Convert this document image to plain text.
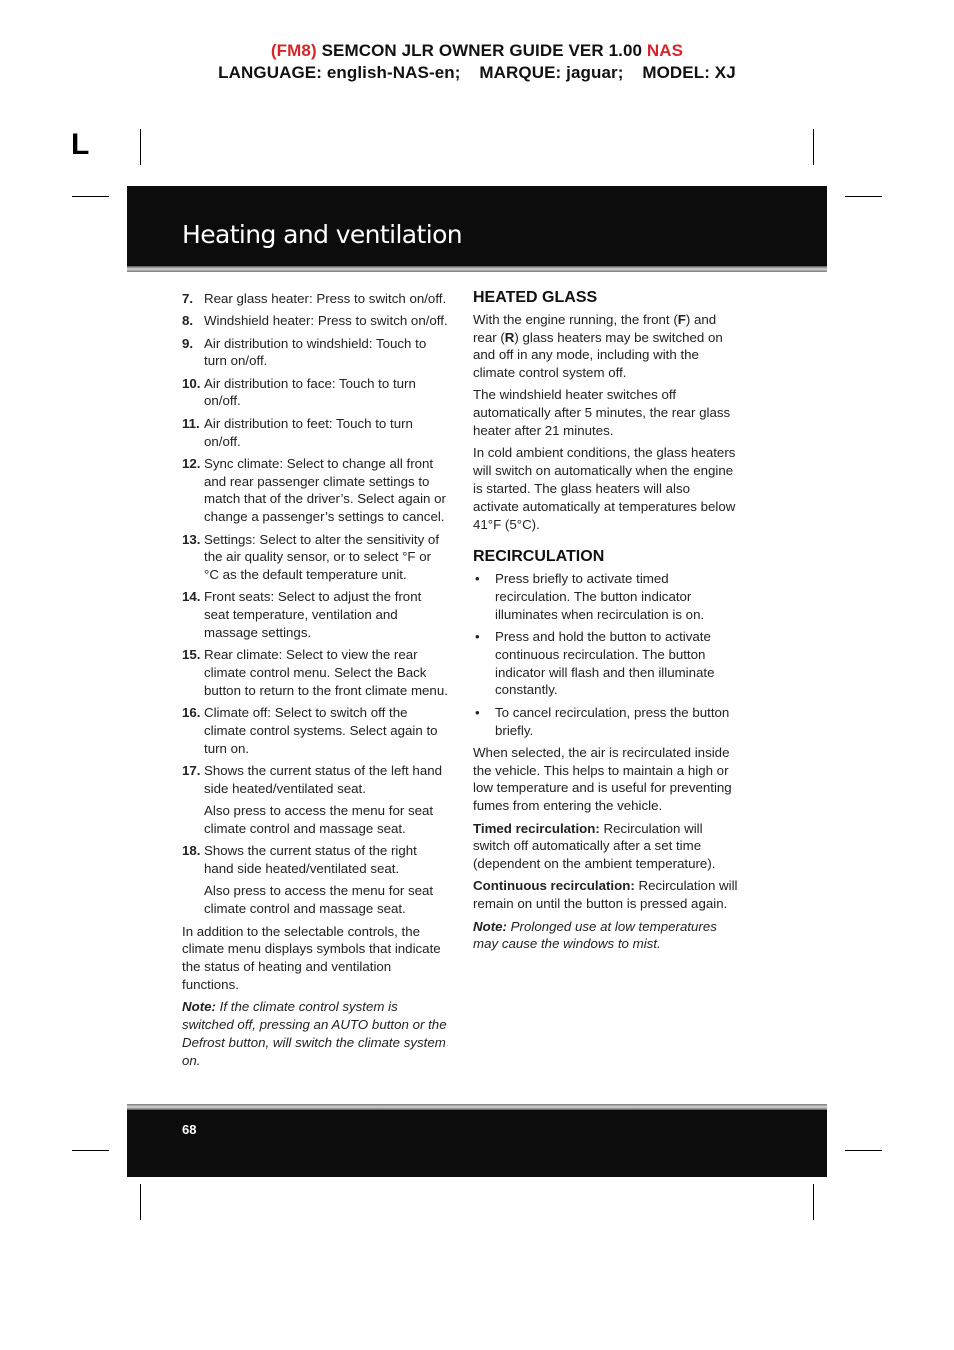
(FM8) SEMCON JLR OWNER GUIDE VER 1.00 NAS
LANGUAGE: english-NAS-en; MARQUE: jaguar; MODEL: XJ
L
Heating and ventilation
7. Rear glass heater: Press to switch on/off.
8. Windshield heater: Press to switch on/off.
9. Air distribution to windshield: Touch to turn on/off.
10. Air distribution to face: Touch to turn on/off.
11. Air distribution to feet: Touch to turn on/off.
12. Sync climate: Select to change all front and rear passenger climate settings to match that of the driver’s. Select again or change a passenger’s settings to cancel.
13. Settings: Select to alter the sensitivity of the air quality sensor, or to select °F or °C as the default temperature unit.
14. Front seats: Select to adjust the front seat temperature, ventilation and massage settings.
15. Rear climate: Select to view the rear climate control menu. Select the Back button to return to the front climate menu.
16. Climate off: Select to switch off the climate control systems. Select again to turn on.
17. Shows the current status of the left hand side heated/ventilated seat.
Also press to access the menu for seat climate control and massage seat.
18. Shows the current status of the right hand side heated/ventilated seat.
Also press to access the menu for seat climate control and massage seat.

In addition to the selectable controls, the climate menu displays symbols that indicate the status of heating and ventilation functions.

Note: If the climate control system is switched off, pressing an AUTO button or the Defrost button, will switch the climate system on.

HEATED GLASS

With the engine running, the front (F) and rear (R) glass heaters may be switched on and off in any mode, including with the climate control system off.

The windshield heater switches off automatically after 5 minutes, the rear glass heater after 21 minutes.

In cold ambient conditions, the glass heaters will switch on automatically when the engine is started. The glass heaters will also activate automatically at temperatures below 41°F (5°C).

RECIRCULATION
• Press briefly to activate timed recirculation. The button indicator illuminates when recirculation is on.
• Press and hold the button to activate continuous recirculation. The button indicator will flash and then illuminate constantly.
• To cancel recirculation, press the button briefly.

When selected, the air is recirculated inside the vehicle. This helps to maintain a high or low temperature and is useful for preventing fumes from entering the vehicle.

Timed recirculation: Recirculation will switch off automatically after a set time (dependent on the ambient temperature).

Continuous recirculation: Recirculation will remain on until the button is pressed again.

Note: Prolonged use at low temperatures may cause the windows to mist.

68
